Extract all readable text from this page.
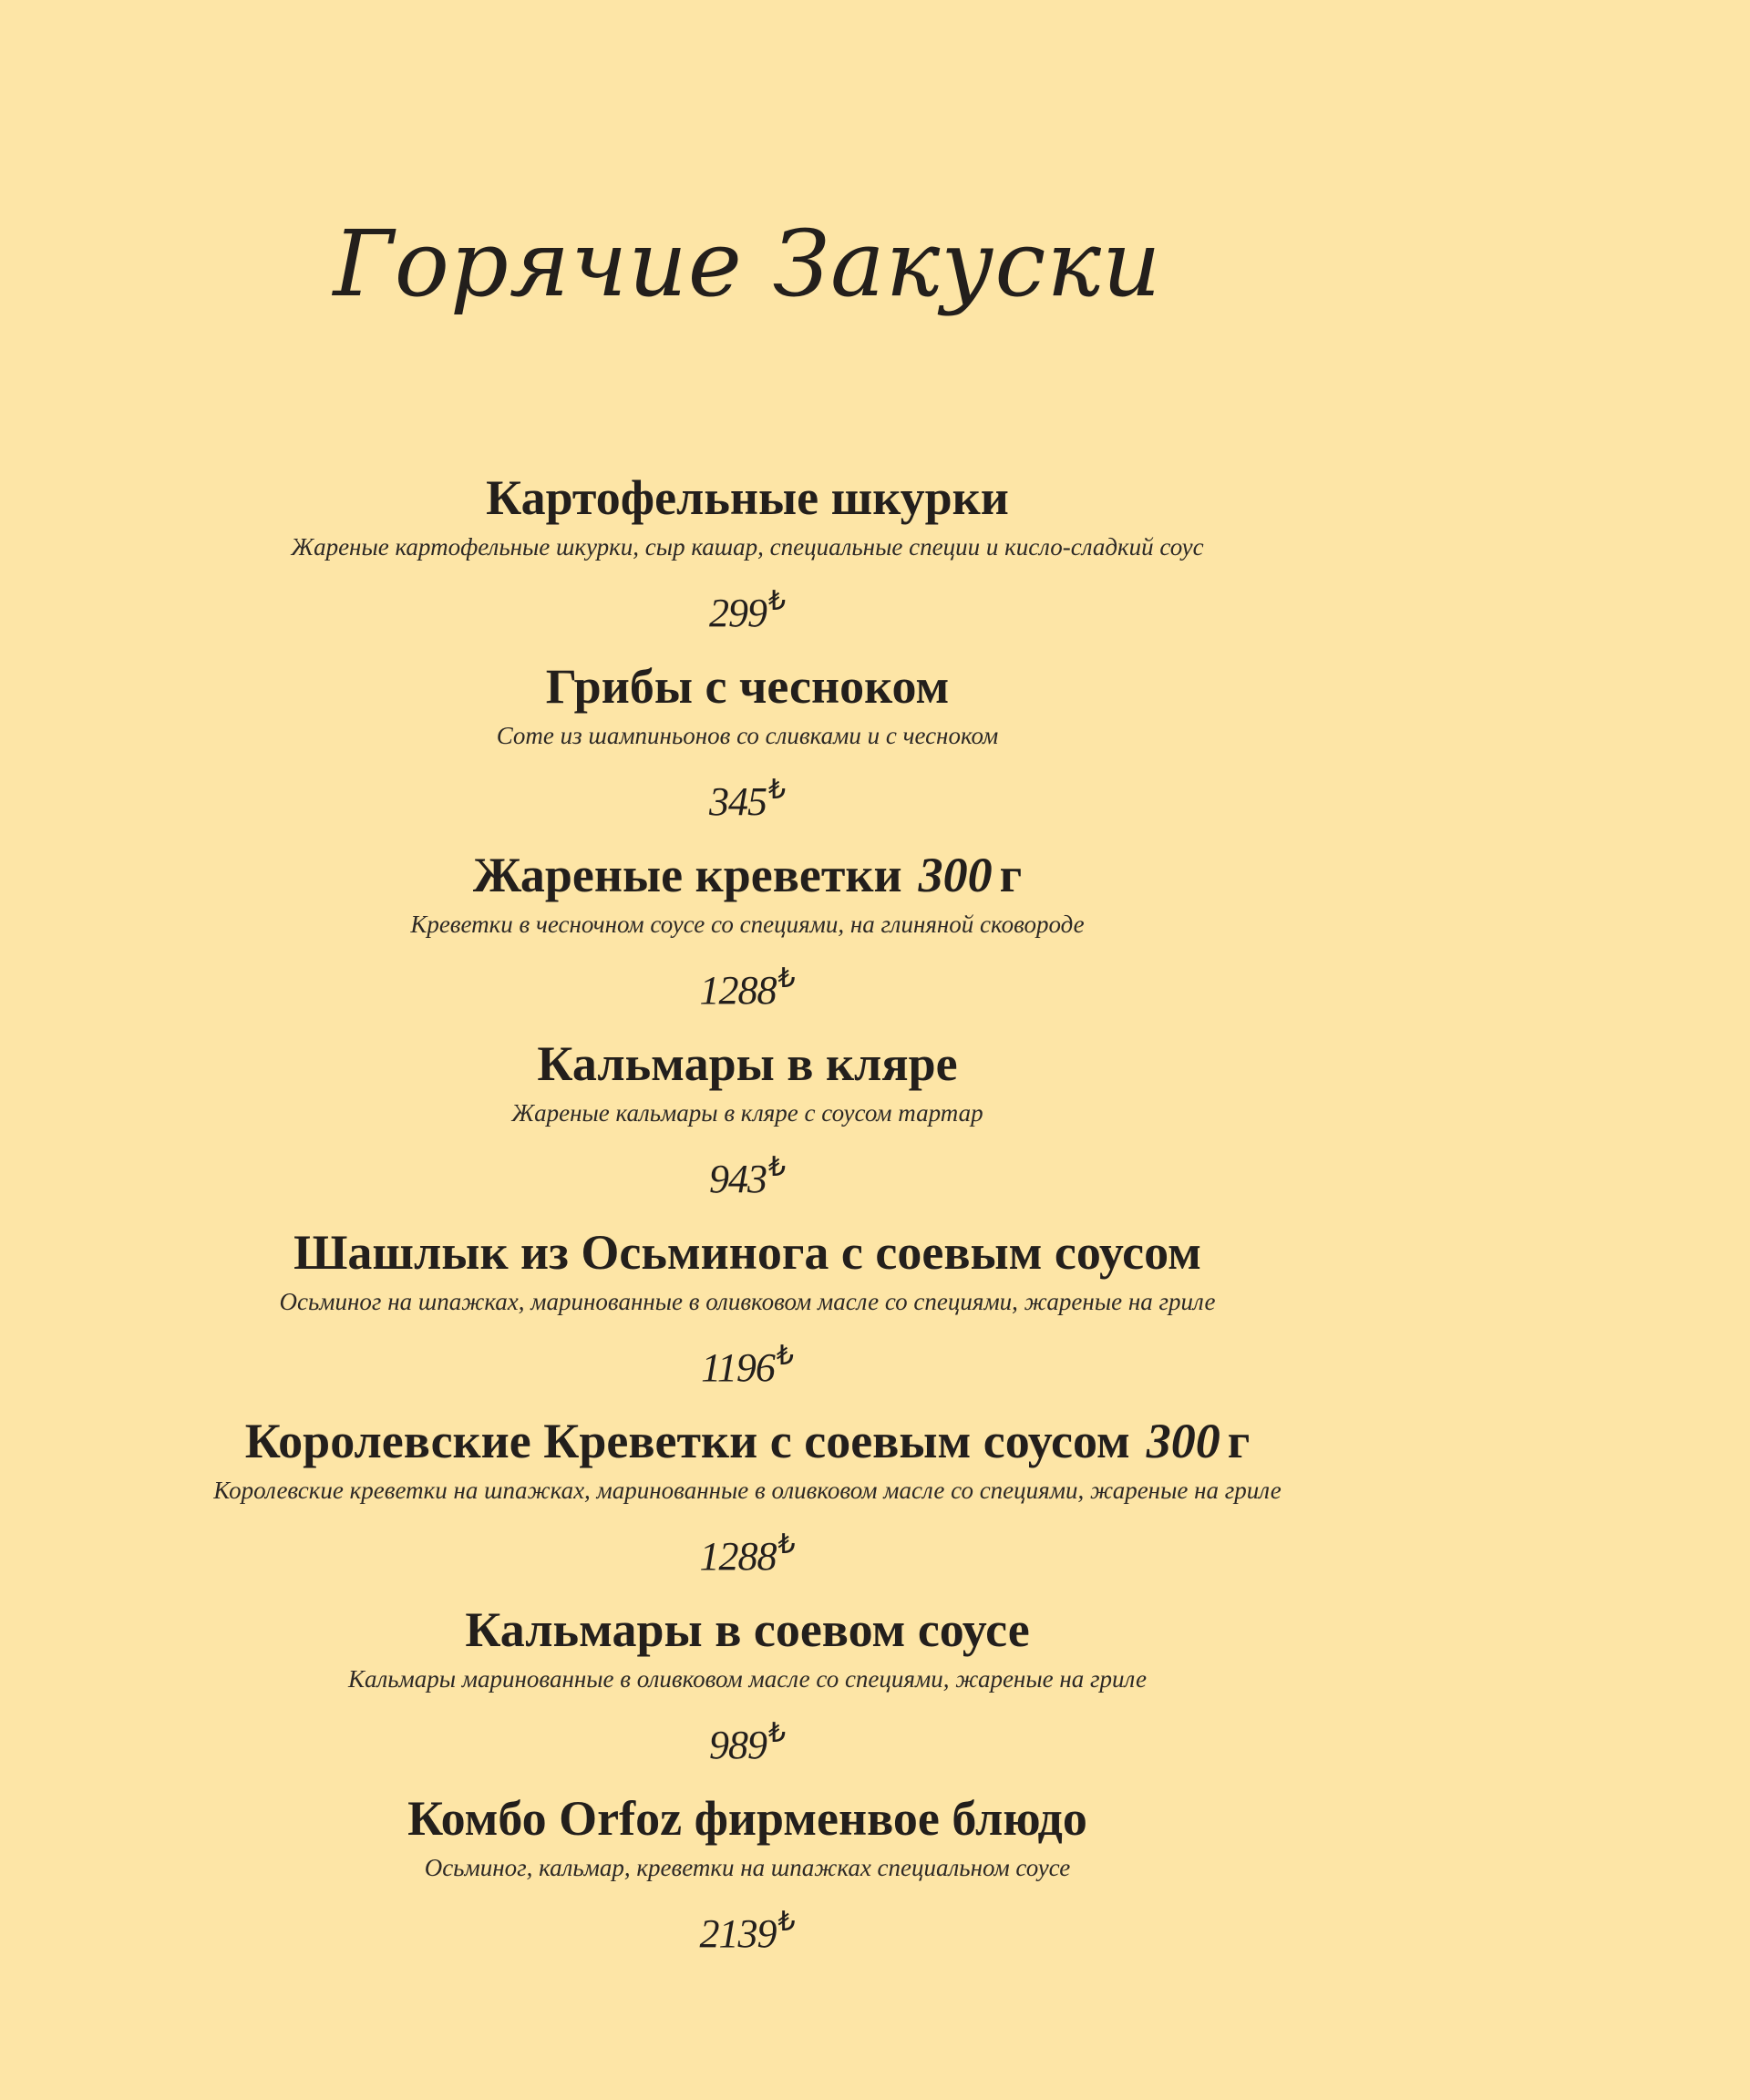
Горячие Закуски
Картофельные шкурки
Жареные картофельные шкурки, сыр кашар, специальные специи и кисло-сладкий соус
299₺
Грибы с чесноком
Соте из шампиньонов со сливками и с чесноком
345₺
Жареные креветки 300 г
Креветки в чесночном соусе со специями, на глиняной сковороде
1288₺
Кальмары в кляре
Жареные кальмары в кляре с соусом тартар
943₺
Шашлык из Осьминога с соевым соусом
Осьминог на шпажках, маринованные в оливковом масле со специями, жареные на гриле
1196₺
Королевские Креветки с соевым соусом 300 г
Королевские креветки на шпажках, маринованные в оливковом масле со специями, жареные на гриле
1288₺
Кальмары в соевом соусе
Кальмары маринованные в оливковом масле со специями, жареные на гриле
989₺
Комбо Orfoz фирменвое блюдо
Осьминог, кальмар, креветки на шпажках специальном соусе
2139₺
